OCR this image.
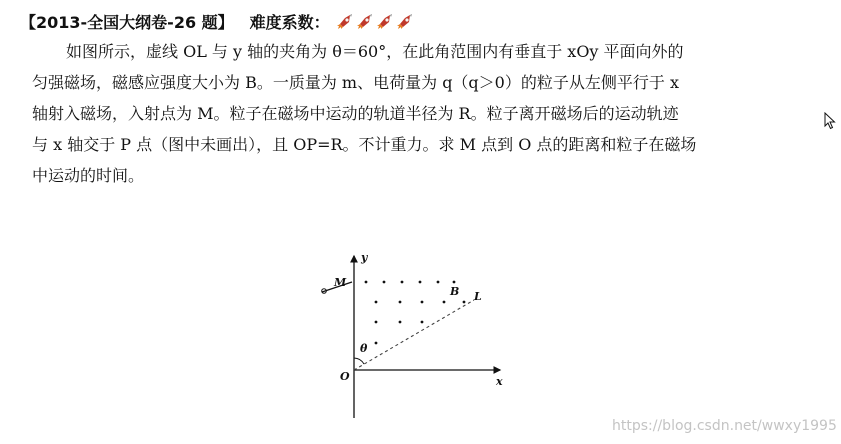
【2013-全国大纲卷-26 题】 难度系数：

如图所示，虚线 OL 与 y 轴的夹角为 θ＝60°，在此角范围内有垂直于 xOy 平面向外的
匀强磁场，磁感应强度大小为 B。一质量为 m、电荷量为 q（q＞0）的粒子从左侧平行于 x
轴射入磁场，入射点为 M。粒子在磁场中运动的轨道半径为 R。粒子离开磁场后的运动轨迹
与 x 轴交于 P 点（图中未画出），且 OP=R。不计重力。求 M 点到 O 点的距离和粒子在磁场
中运动的时间。

y
x
O
M
B L
θ
https://blog.csdn.net/wwxy1995
